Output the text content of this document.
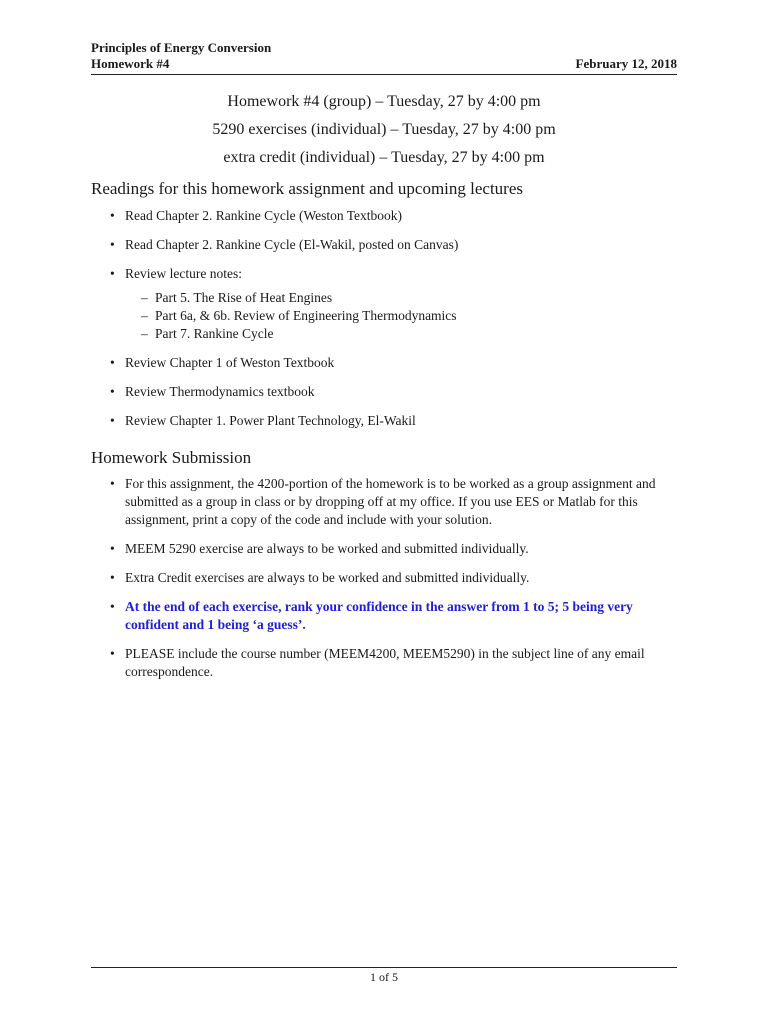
Principles of Energy Conversion
Homework #4	February 12, 2018
Homework #4 (group) – Tuesday, 27 by 4:00 pm
5290 exercises (individual) – Tuesday, 27 by 4:00 pm
extra credit (individual) – Tuesday, 27 by 4:00 pm
Readings for this homework assignment and upcoming lectures
• Read Chapter 2. Rankine Cycle (Weston Textbook)
• Read Chapter 2. Rankine Cycle (El-Wakil, posted on Canvas)
• Review lecture notes:
– Part 5. The Rise of Heat Engines
– Part 6a, & 6b. Review of Engineering Thermodynamics
– Part 7. Rankine Cycle
• Review Chapter 1 of Weston Textbook
• Review Thermodynamics textbook
• Review Chapter 1. Power Plant Technology, El-Wakil
Homework Submission
• For this assignment, the 4200-portion of the homework is to be worked as a group assignment and submitted as a group in class or by dropping off at my office. If you use EES or Matlab for this assignment, print a copy of the code and include with your solution.
• MEEM 5290 exercise are always to be worked and submitted individually.
• Extra Credit exercises are always to be worked and submitted individually.
• At the end of each exercise, rank your confidence in the answer from 1 to 5; 5 being very confident and 1 being ‘a guess’.
• PLEASE include the course number (MEEM4200, MEEM5290) in the subject line of any email correspondence.
1 of 5
